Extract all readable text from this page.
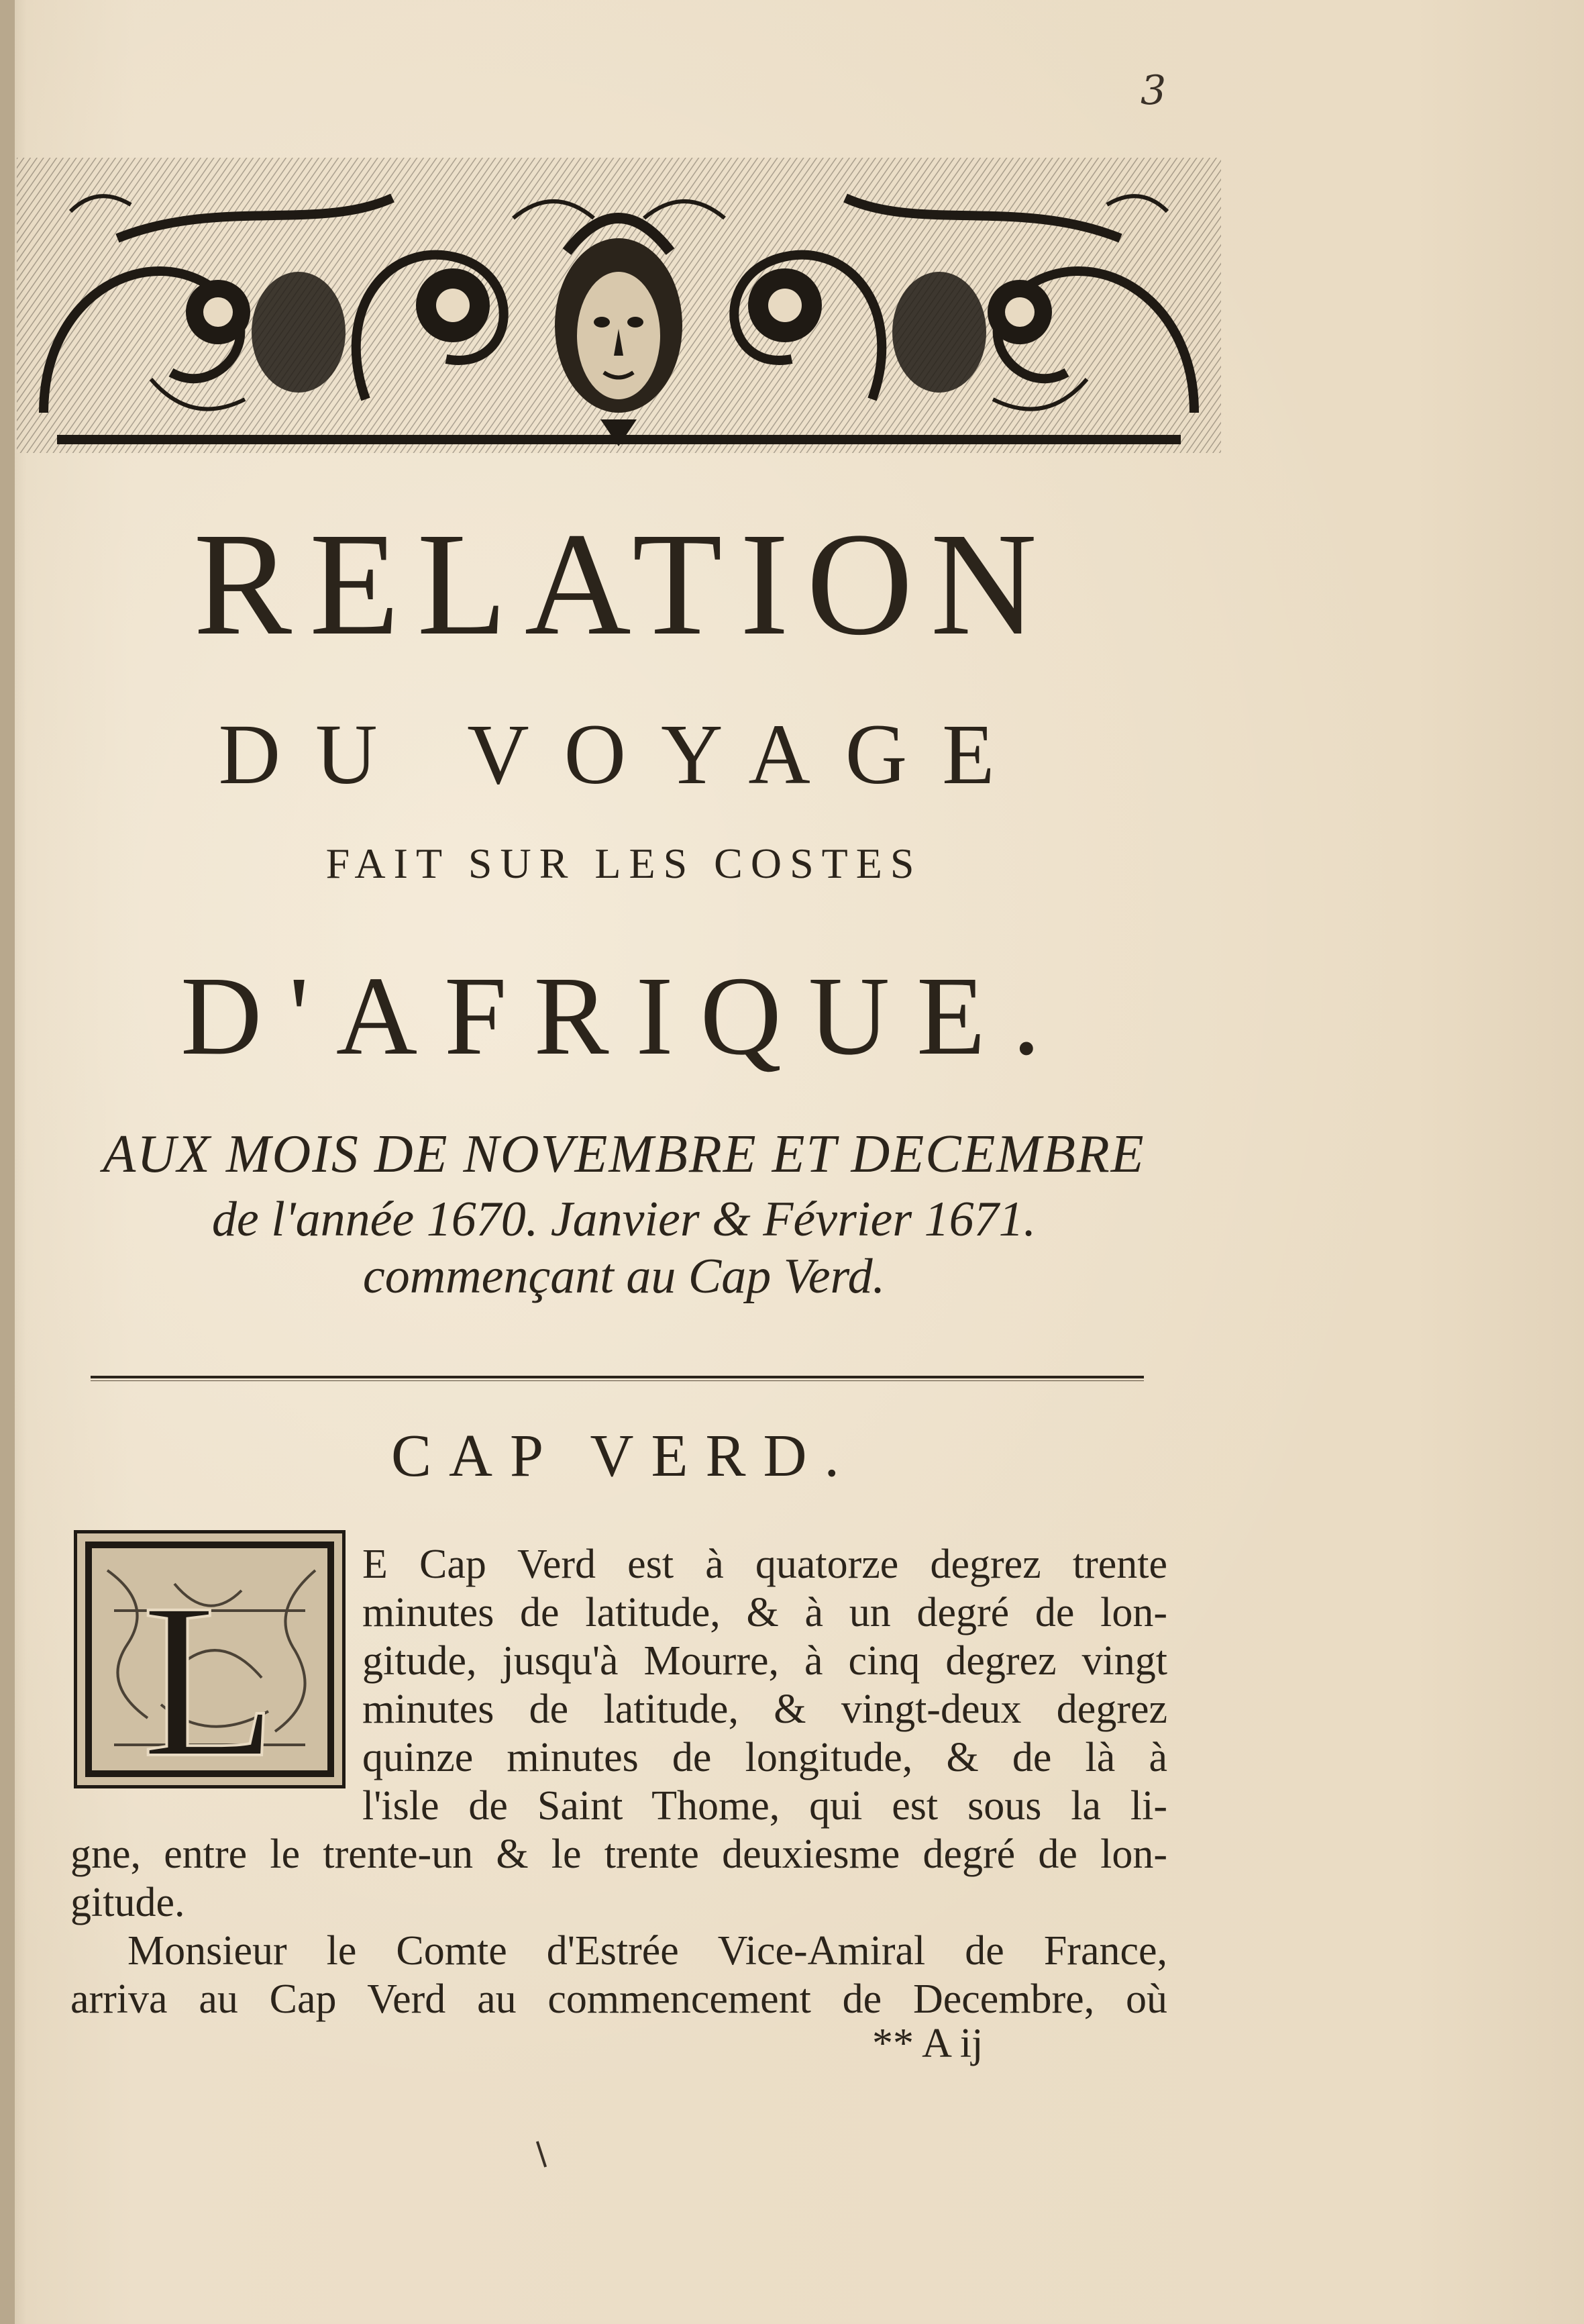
3
RELATION
DU VOYAGE
FAIT SUR LES COSTES
D'AFRIQUE.
AUX MOIS DE NOVEMBRE ET DECEMBRE
de l'année 1670. Janvier & Février 1671.
commençant au Cap Verd.
CAP VERD.
L E Cap Verd est à quatorze degrez trente
minutes de latitude, & à un degré de lon-
gitude, jusqu'à Mourre, à cinq degrez vingt
minutes de latitude, & vingt-deux degrez
quinze minutes de longitude, & de là à
l'isle de Saint Thome, qui est sous la li-
gne, entre le trente-un & le trente deuxiesme degré de lon-
gitude.
Monsieur le Comte d'Estrée Vice-Amiral de France,
arriva au Cap Verd au commencement de Decembre, où
** A ij
